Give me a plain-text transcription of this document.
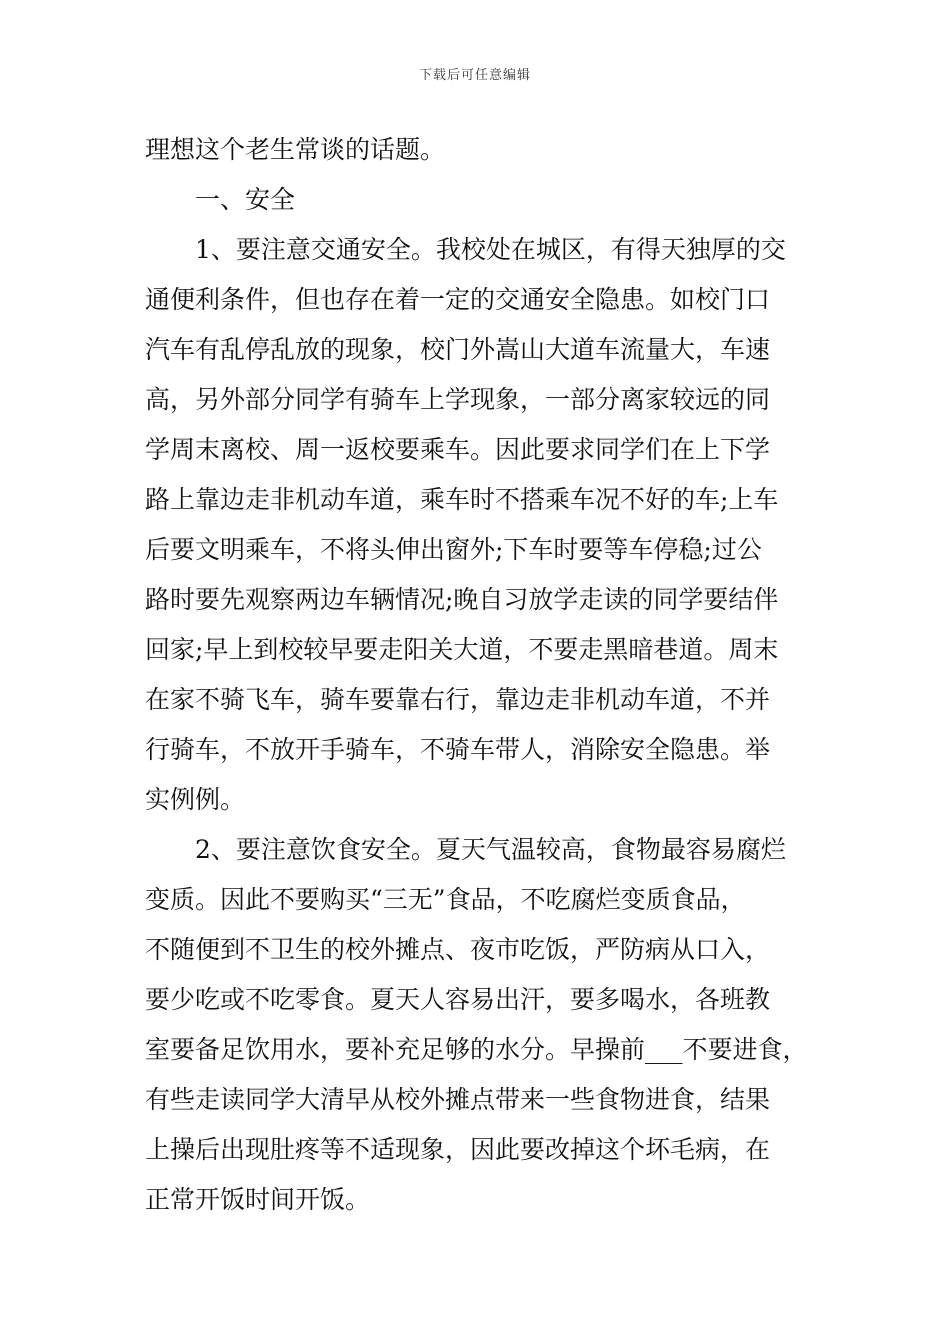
下载后可任意编辑
理想这个老生常谈的话题。
一、安全
1、要注意交通安全。我校处在城区，有得天独厚的交
通便利条件，但也存在着一定的交通安全隐患。如校门口
汽车有乱停乱放的现象，校门外嵩山大道车流量大，车速
高，另外部分同学有骑车上学现象，一部分离家较远的同
学周末离校、周一返校要乘车。因此要求同学们在上下学
路上靠边走非机动车道，乘车时不搭乘车况不好的车;上车
后要文明乘车，不将头伸出窗外;下车时要等车停稳;过公
路时要先观察两边车辆情况;晚自习放学走读的同学要结伴
回家;早上到校较早要走阳关大道，不要走黑暗巷道。周末
在家不骑飞车，骑车要靠右行，靠边走非机动车道，不并
行骑车，不放开手骑车，不骑车带人，消除安全隐患。举
实例例。
2、要注意饮食安全。夏天气温较高，食物最容易腐烂
变质。因此不要购买“三无”食品，不吃腐烂变质食品，
不随便到不卫生的校外摊点、夜市吃饭，严防病从口入，
要少吃或不吃零食。夏天人容易出汗，要多喝水，各班教
室要备足饮用水，要补充足够的水分。早操前___不要进食，
有些走读同学大清早从校外摊点带来一些食物进食，结果
上操后出现肚疼等不适现象，因此要改掉这个坏毛病，在
正常开饭时间开饭。
